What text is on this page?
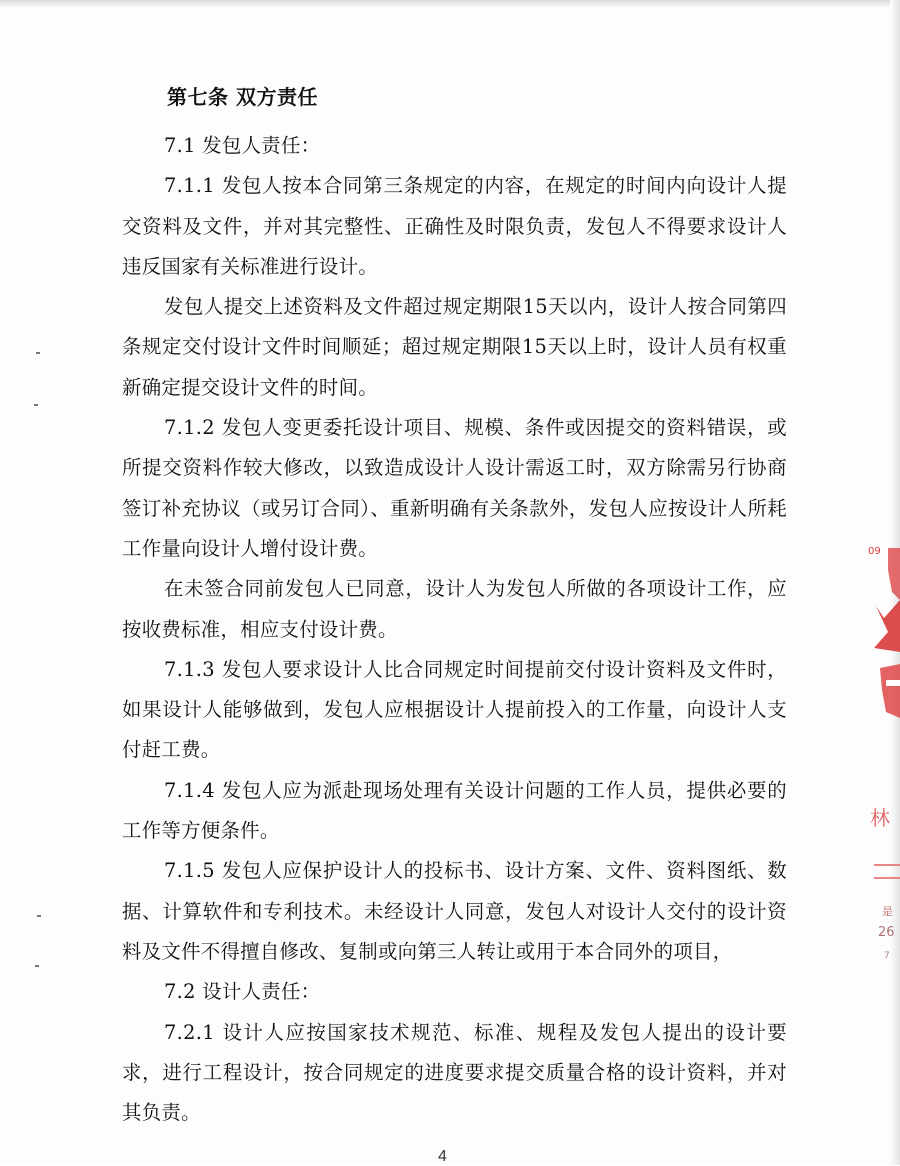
第七条 双方责任

7.1 发包人责任：

7.1.1 发包人按本合同第三条规定的内容，在规定的时间内向设计人提交资料及文件，并对其完整性、正确性及时限负责，发包人不得要求设计人违反国家有关标准进行设计。

发包人提交上述资料及文件超过规定期限15天以内，设计人按合同第四条规定交付设计文件时间顺延；超过规定期限15天以上时，设计人员有权重新确定提交设计文件的时间。

7.1.2 发包人变更委托设计项目、规模、条件或因提交的资料错误，或所提交资料作较大修改，以致造成设计人设计需返工时，双方除需另行协商签订补充协议（或另订合同）、重新明确有关条款外，发包人应按设计人所耗工作量向设计人增付设计费。

在未签合同前发包人已同意，设计人为发包人所做的各项设计工作，应按收费标准，相应支付设计费。

7.1.3 发包人要求设计人比合同规定时间提前交付设计资料及文件时，如果设计人能够做到，发包人应根据设计人提前投入的工作量，向设计人支付赶工费。

7.1.4 发包人应为派赴现场处理有关设计问题的工作人员，提供必要的工作等方便条件。

7.1.5 发包人应保护设计人的投标书、设计方案、文件、资料图纸、数据、计算软件和专利技术。未经设计人同意，发包人对设计人交付的设计资料及文件不得擅自修改、复制或向第三人转让或用于本合同外的项目，

7.2 设计人责任：

7.2.1 设计人应按国家技术规范、标准、规程及发包人提出的设计要求，进行工程设计，按合同规定的进度要求提交质量合格的设计资料，并对其负责。

4
09
林
是
26
7
